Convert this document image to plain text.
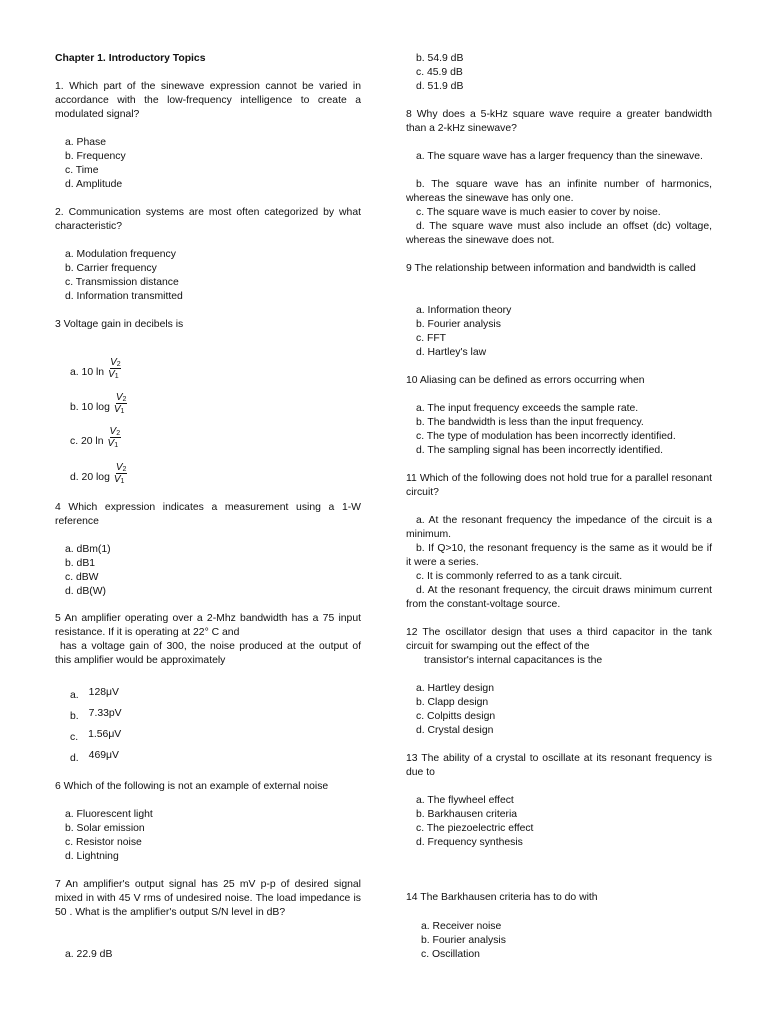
Chapter 1. Introductory Topics
1. Which part of the sinewave expression cannot be varied in accordance with the low-frequency intelligence to create a modulated signal?
a. Phase
b. Frequency
c. Time
d. Amplitude
2. Communication systems are most often categorized by what characteristic?
a. Modulation frequency
b. Carrier frequency
c. Transmission distance
d. Information transmitted
3 Voltage gain in decibels is
a. 10 $\ln \frac{V2}{V1}$
b. 10 $\log \frac{V2}{V1}$
c. 20 $\ln \frac{V2}{V1}$
d. 20 $\log \frac{V2}{V1}$
4 Which expression indicates a measurement using a 1-W reference
a. dBm(1)
b. dB1
c. dBW
d. dB(W)
5 An amplifier operating over a 2-Mhz bandwidth has a 75 input resistance. If it is operating at 22° C and
has a voltage gain of 300, the noise produced at the output of this amplifier would be approximately
a. 128μV
b. 7.33pV
c. 1.56μV
d. 469μV
6 Which of the following is not an example of external noise
a. Fluorescent light
b. Solar emission
c. Resistor noise
d. Lightning
7 An amplifier's output signal has 25 mV p-p of desired signal mixed in with 45 V rms of undesired noise. The load impedance is 50 . What is the amplifier's output S/N level in dB?
a. 22.9 dB
b. 54.9 dB
c. 45.9 dB
d. 51.9 dB
8 Why does a 5-kHz square wave require a greater bandwidth than a 2-kHz sinewave?
a. The square wave has a larger frequency than the sinewave.
b. The square wave has an infinite number of harmonics, whereas the sinewave has only one.
c. The square wave is much easier to cover by noise.
d. The square wave must also include an offset (dc) voltage, whereas the sinewave does not.
9 The relationship between information and bandwidth is called
a. Information theory
b. Fourier analysis
c. FFT
d. Hartley's law
10 Aliasing can be defined as errors occurring when
a. The input frequency exceeds the sample rate.
b. The bandwidth is less than the input frequency.
c. The type of modulation has been incorrectly identified.
d. The sampling signal has been incorrectly identified.
11 Which of the following does not hold true for a parallel resonant circuit?
a. At the resonant frequency the impedance of the circuit is a minimum.
b. If Q>10, the resonant frequency is the same as it would be if it were a series.
c. It is commonly referred to as a tank circuit.
d. At the resonant frequency, the circuit draws minimum current from the constant-voltage source.
12 The oscillator design that uses a third capacitor in the tank circuit for swamping out the effect of the
transistor's internal capacitances is the
a. Hartley design
b. Clapp design
c. Colpitts design
d. Crystal design
13 The ability of a crystal to oscillate at its resonant frequency is due to
a. The flywheel effect
b. Barkhausen criteria
c. The piezoelectric effect
d. Frequency synthesis
14 The Barkhausen criteria has to do with
a. Receiver noise
b. Fourier analysis
c. Oscillation
